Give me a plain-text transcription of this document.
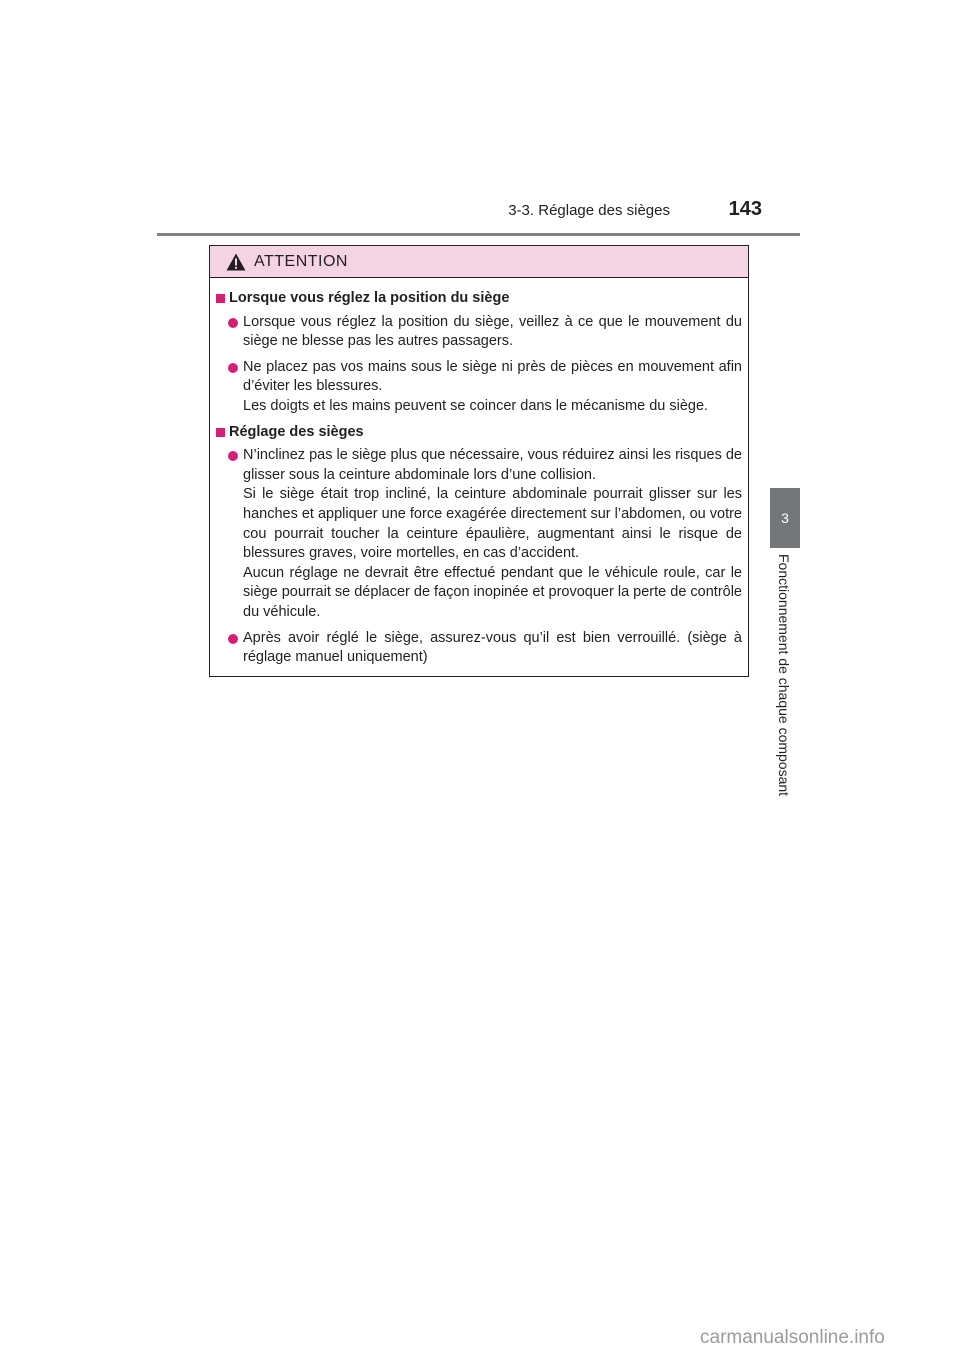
3-3. Réglage des sièges	143
3
Fonctionnement de chaque composant
ATTENTION
Lorsque vous réglez la position du siège

Lorsque vous réglez la position du siège, veillez à ce que le mouvement du siège ne blesse pas les autres passagers.

Ne placez pas vos mains sous le siège ni près de pièces en mouvement afin d’éviter les blessures.

Les doigts et les mains peuvent se coincer dans le mécanisme du siège.

Réglage des sièges

N’inclinez pas le siège plus que nécessaire, vous réduirez ainsi les risques de glisser sous la ceinture abdominale lors d’une collision.

Si le siège était trop incliné, la ceinture abdominale pourrait glisser sur les hanches et appliquer une force exagérée directement sur l’abdomen, ou votre cou pourrait toucher la ceinture épaulière, augmentant ainsi le risque de blessures graves, voire mortelles, en cas d’accident.

Aucun réglage ne devrait être effectué pendant que le véhicule roule, car le siège pourrait se déplacer de façon inopinée et provoquer la perte de contrôle du véhicule.

Après avoir réglé le siège, assurez-vous qu’il est bien verrouillé. (siège à réglage manuel uniquement)

carmanualsonline.info
